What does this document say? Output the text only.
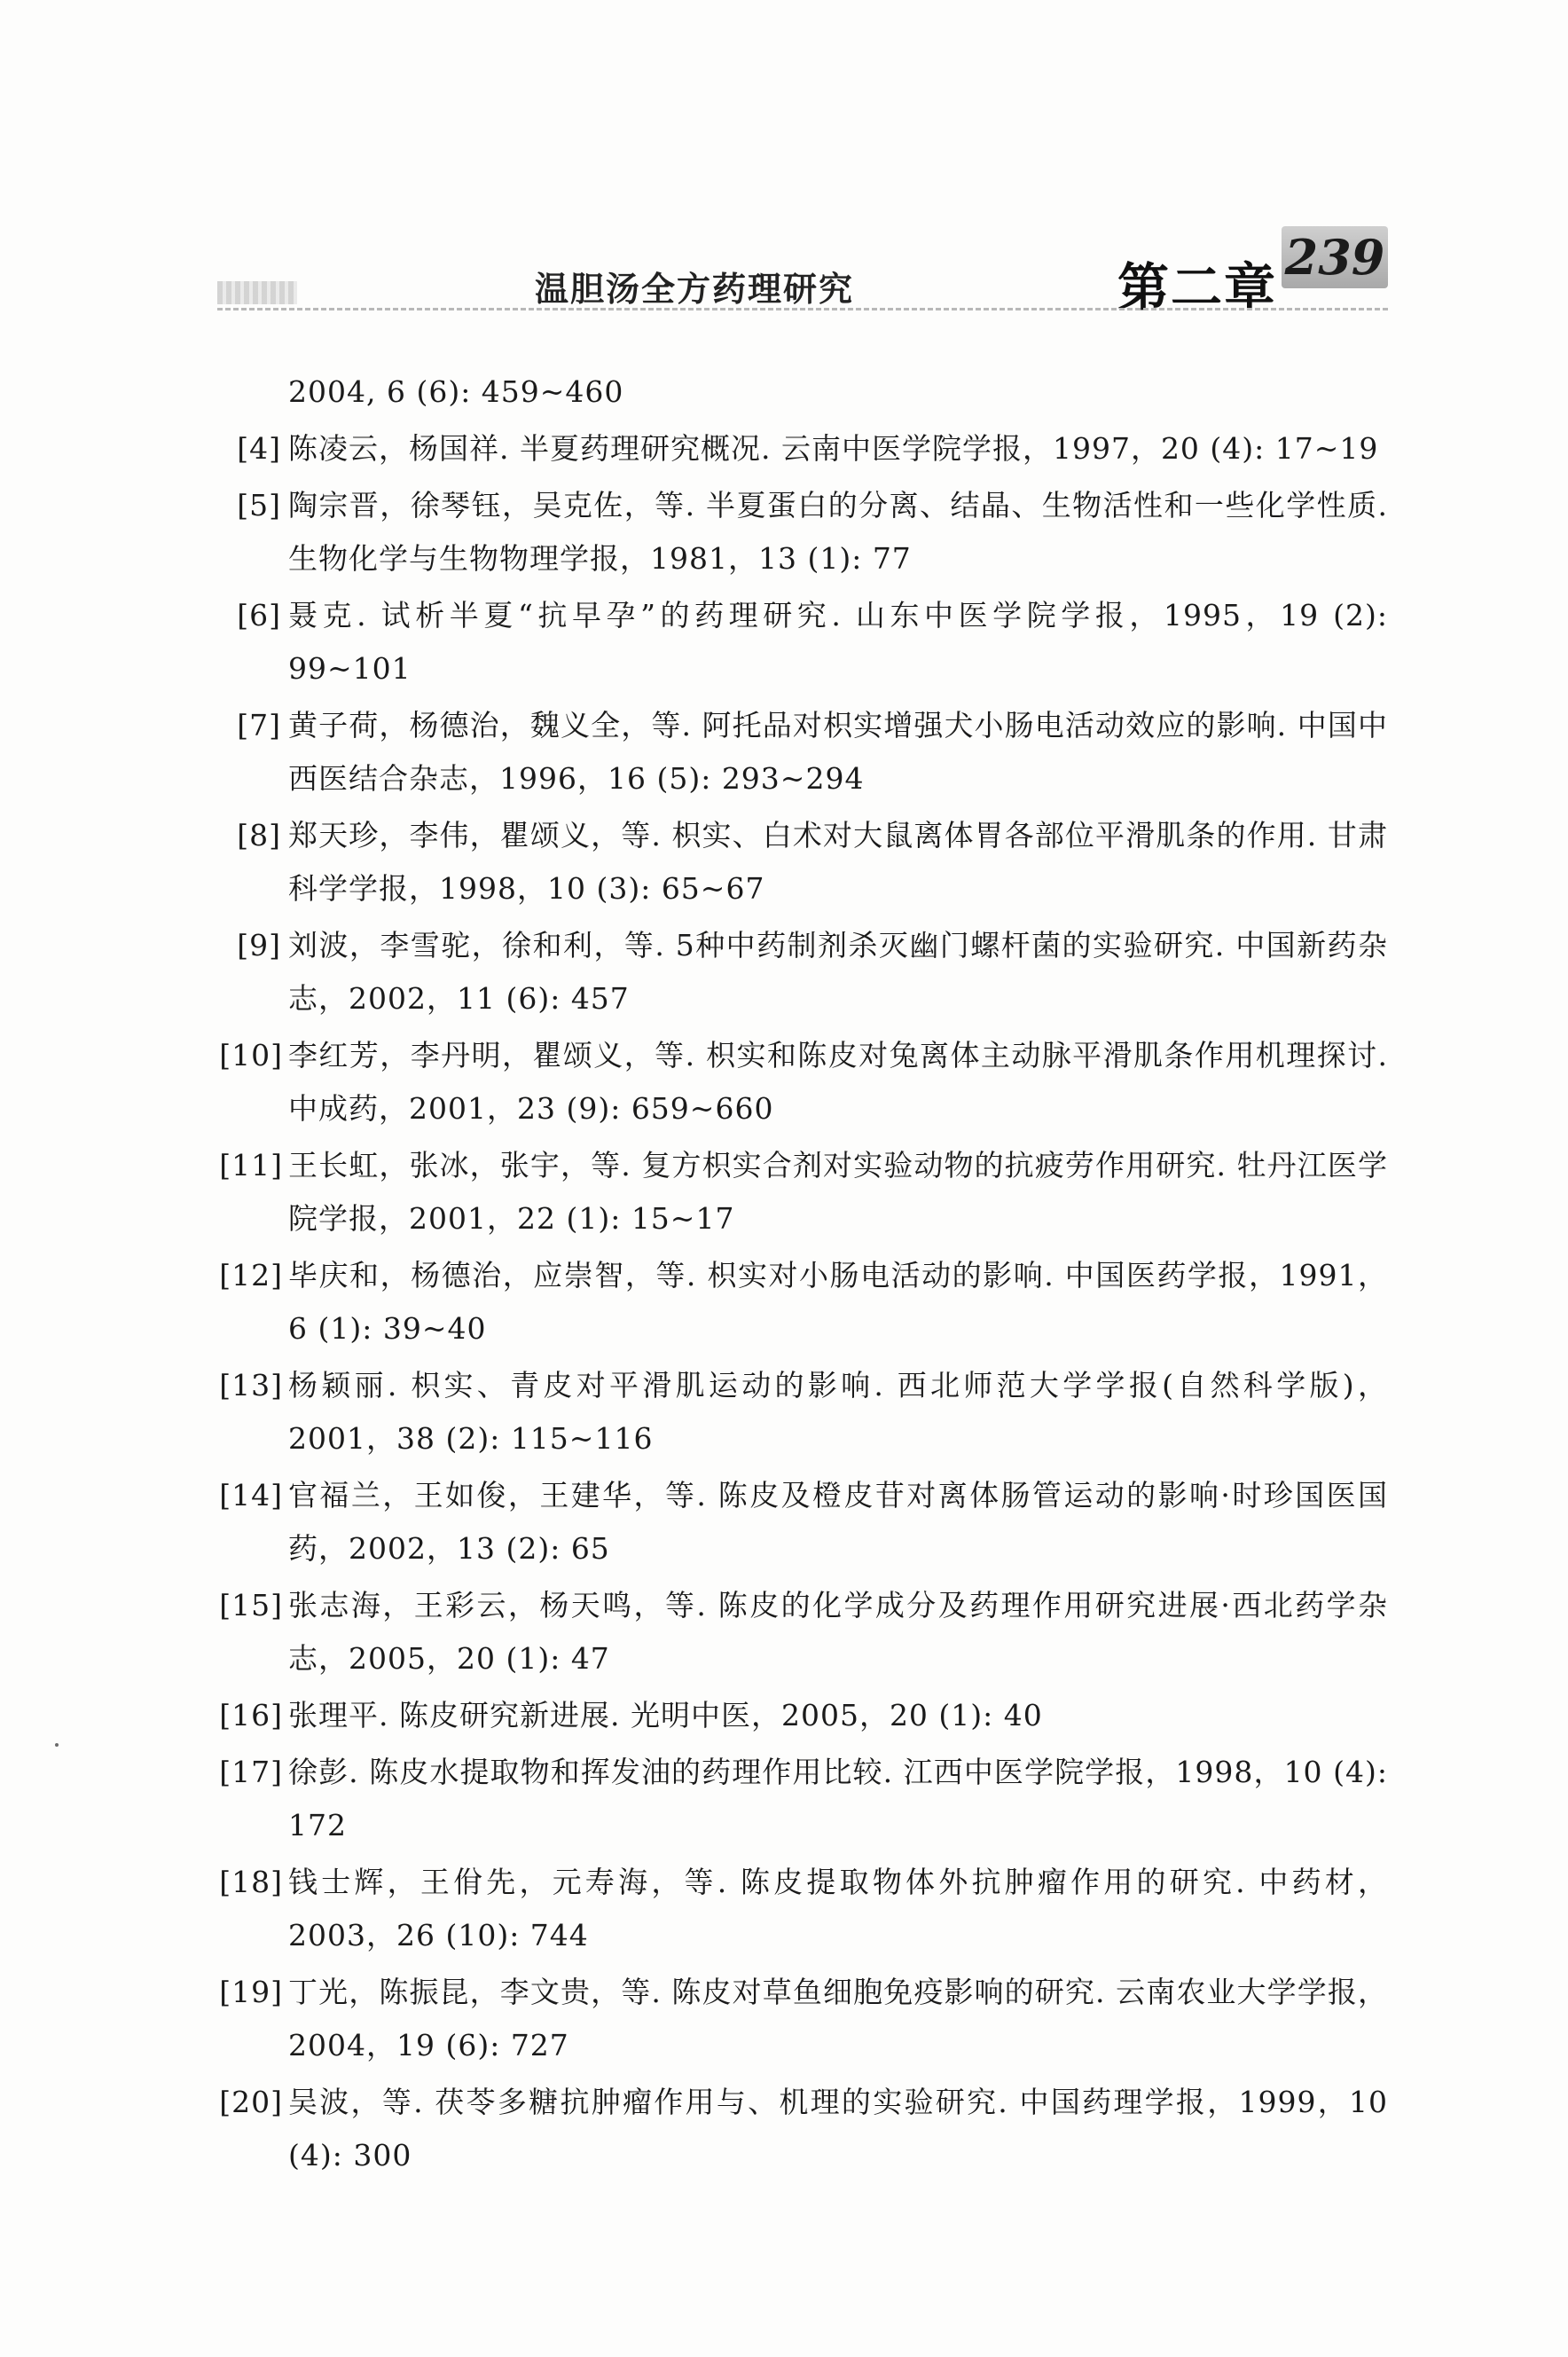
温胆汤全方药理研究	第二章 239
2004, 6 (6): 459~460
[4] 陈凌云，杨国祥. 半夏药理研究概况. 云南中医学院学报，1997，20 (4): 17~19
[5] 陶宗晋，徐琴钰，吴克佐，等. 半夏蛋白的分离、结晶、生物活性和一些化学性质. 生物化学与生物物理学报，1981，13 (1): 77
[6] 聂克. 试析半夏“抗早孕”的药理研究. 山东中医学院学报，1995，19 (2): 99~101
[7] 黄子荷，杨德治，魏义全，等. 阿托品对枳实增强犬小肠电活动效应的影响. 中国中西医结合杂志，1996，16 (5): 293~294
[8] 郑天珍，李伟，瞿颂义，等. 枳实、白术对大鼠离体胃各部位平滑肌条的作用. 甘肃科学学报，1998，10 (3): 65~67
[9] 刘波，李雪驼，徐和利，等. 5种中药制剂杀灭幽门螺杆菌的实验研究. 中国新药杂志，2002，11 (6): 457
[10] 李红芳，李丹明，瞿颂义，等. 枳实和陈皮对兔离体主动脉平滑肌条作用机理探讨. 中成药，2001，23 (9): 659~660
[11] 王长虹，张冰，张宇，等. 复方枳实合剂对实验动物的抗疲劳作用研究. 牡丹江医学院学报，2001，22 (1): 15~17
[12] 毕庆和，杨德治，应崇智，等. 枳实对小肠电活动的影响. 中国医药学报，1991，6 (1): 39~40
[13] 杨颖丽. 枳实、青皮对平滑肌运动的影响. 西北师范大学学报(自然科学版)，2001，38 (2): 115~116
[14] 官福兰，王如俊，王建华，等. 陈皮及橙皮苷对离体肠管运动的影响·时珍国医国药，2002，13 (2): 65
[15] 张志海，王彩云，杨天鸣，等. 陈皮的化学成分及药理作用研究进展·西北药学杂志，2005，20 (1): 47
[16] 张理平. 陈皮研究新进展. 光明中医，2005，20 (1): 40
[17] 徐彭. 陈皮水提取物和挥发油的药理作用比较. 江西中医学院学报，1998，10 (4): 172
[18] 钱士辉，王佾先，元寿海，等. 陈皮提取物体外抗肿瘤作用的研究. 中药材，2003，26 (10): 744
[19] 丁光，陈振昆，李文贵，等. 陈皮对草鱼细胞免疫影响的研究. 云南农业大学学报，2004，19 (6): 727
[20] 吴波，等. 茯苓多糖抗肿瘤作用与、机理的实验研究. 中国药理学报，1999，10 (4): 300
